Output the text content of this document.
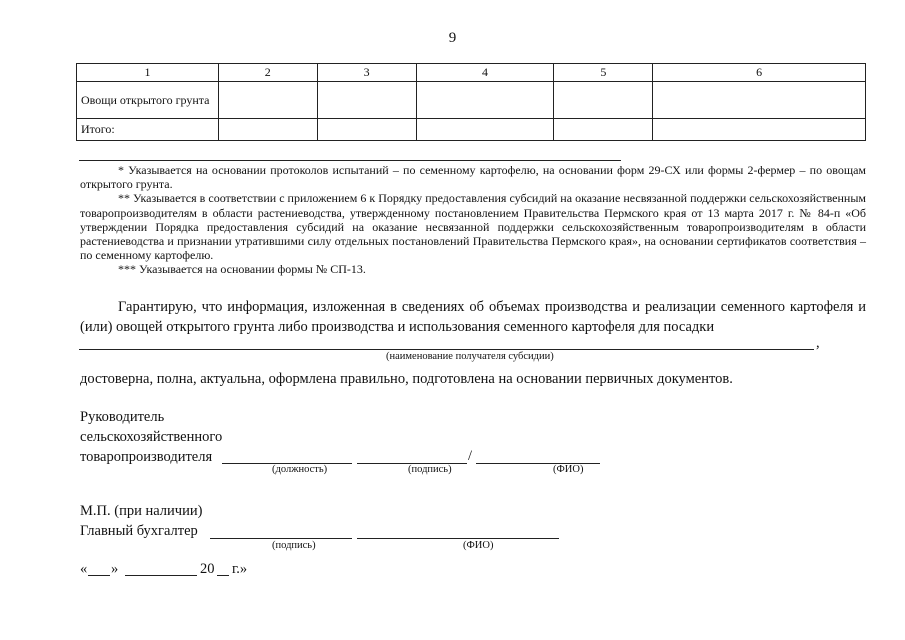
9
1	2	3	4	5	6
Овощи открытого грунта					
Итого:					

* Указывается на основании протоколов испытаний – по семенному картофелю, на основании форм 29-СХ или формы 2-фермер – по овощам открытого грунта.

** Указывается в соответствии с приложением 6 к Порядку предоставления субсидий на оказание несвязанной поддержки сельскохозяйственным товаропроизводителям в области растениеводства, утвержденному постановлением Правительства Пермского края от 13 марта 2017 г. № 84-п «Об утверждении Порядка предоставления субсидий на оказание несвязанной поддержки сельскохозяйственным товаропроизводителям в области растениеводства и признании утратившими силу отдельных постановлений Правительства Пермского края», на основании сертификатов соответствия – по семенному картофелю.

*** Указывается на основании формы № СП-13.

Гарантирую, что информация, изложенная в сведениях об объемах производства и реализации семенного картофеля и (или) овощей открытого грунта либо производства и использования семенного картофеля для посадки

,
(наименование получателя субсидии)
достоверна, полна, актуальна, оформлена правильно, подготовлена на основании первичных документов.
Руководитель
сельскохозяйственного
товаропроизводителя	/
(должность)	(подпись)	(ФИО)
М.П. (при наличии)
Главный бухгалтер
(подпись)	(ФИО)
« »	20 г.»
